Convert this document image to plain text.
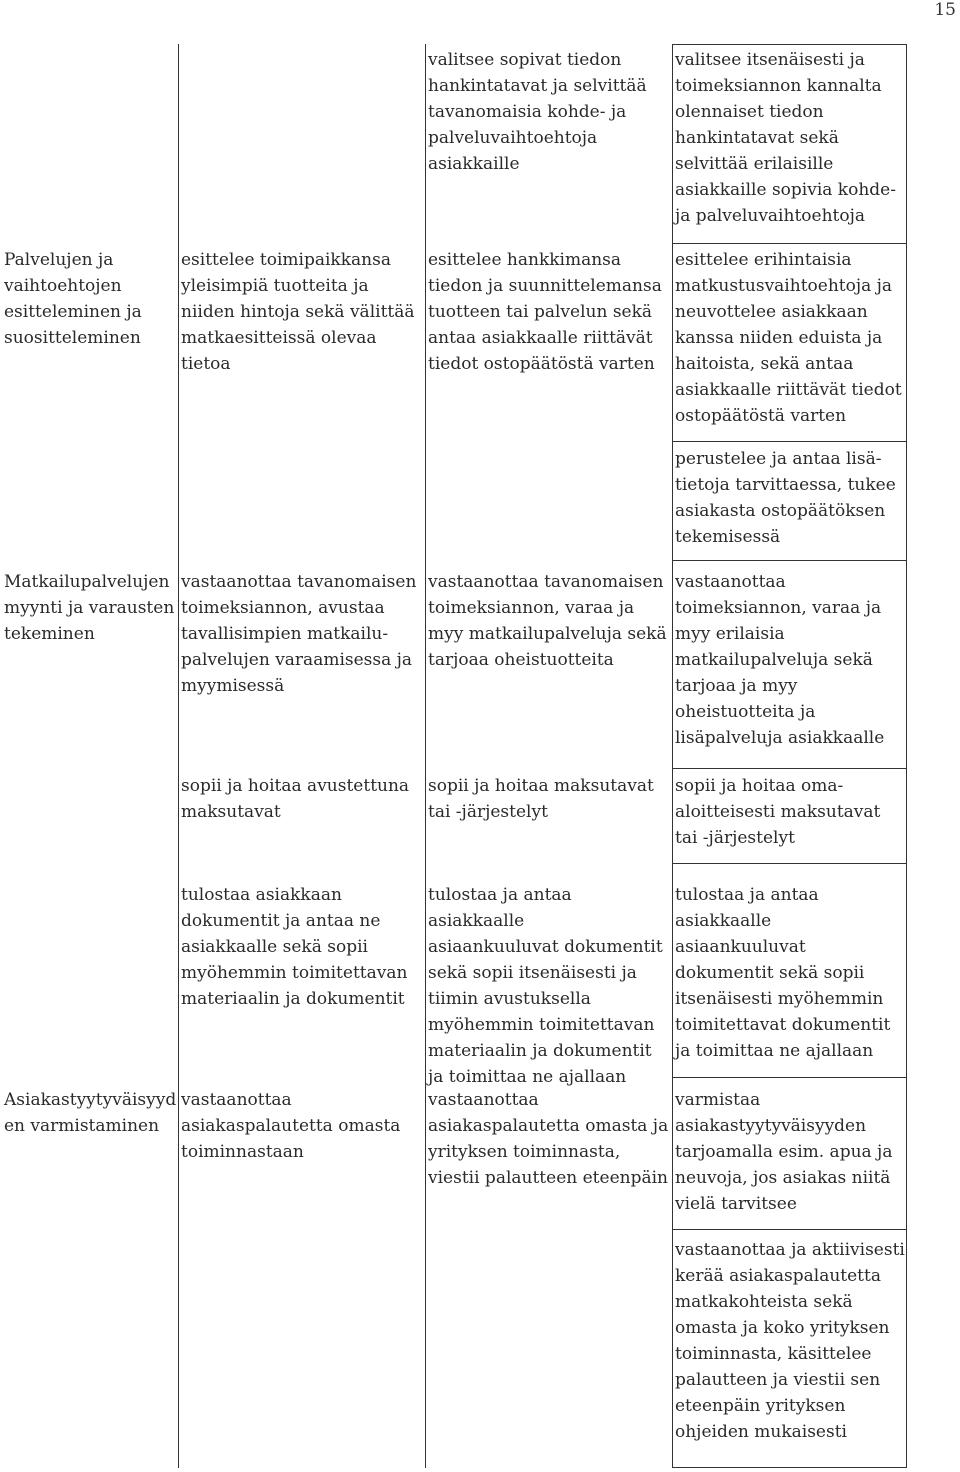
15
valitsee sopivat tiedon
hankintatavat ja selvittää
tavanomaisia kohde- ja
palveluvaihtoehtoja
asiakkaille
valitsee itsenäisesti ja
toimeksiannon kannalta
olennaiset tiedon
hankintatavat sekä
selvittää erilaisille
asiakkaille sopivia kohde-
ja palveluvaihtoehtoja
Palvelujen ja
vaihtoehtojen
esitteleminen ja
suositteleminen
esittelee toimipaikkansa
yleisimpiä tuotteita ja
niiden hintoja sekä välittää
matkaesitteissä olevaa
tietoa
esittelee hankkimansa
tiedon ja suunnittelemansa
tuotteen tai palvelun sekä
antaa asiakkaalle riittävät
tiedot ostopäätöstä varten
esittelee erihintaisia
matkustusvaihtoehtoja ja
neuvottelee asiakkaan
kanssa niiden eduista ja
haitoista, sekä antaa
asiakkaalle riittävät tiedot
ostopäätöstä varten
perustelee ja antaa lisä-
tietoja tarvittaessa, tukee
asiakasta ostopäätöksen
tekemisessä
Matkailupalvelujen
myynti ja varausten
tekeminen
vastaanottaa tavanomaisen
toimeksiannon, avustaa
tavallisimpien matkailu-
palvelujen varaamisessa ja
myymisessä
vastaanottaa tavanomaisen
toimeksiannon, varaa ja
myy matkailupalveluja sekä
tarjoaa oheistuotteita
vastaanottaa
toimeksiannon, varaa ja
myy erilaisia
matkailupalveluja sekä
tarjoaa ja myy
oheistuotteita ja
lisäpalveluja asiakkaalle
sopii ja hoitaa avustettuna
maksutavat
sopii ja hoitaa maksutavat
tai -järjestelyt
sopii ja hoitaa oma-
aloitteisesti maksutavat
tai -järjestelyt
tulostaa asiakkaan
dokumentit ja antaa ne
asiakkaalle sekä sopii
myöhemmin toimitettavan
materiaalin ja dokumentit
tulostaa ja antaa asiakkaalle
asiaankuuluvat dokumentit
sekä sopii itsenäisesti ja
tiimin avustuksella
myöhemmin toimitettavan
materiaalin ja dokumentit
ja toimittaa ne ajallaan
tulostaa ja antaa
asiakkaalle asiaankuuluvat
dokumentit sekä sopii
itsenäisesti myöhemmin
toimitettavat dokumentit
ja toimittaa ne ajallaan
Asiakastyytyväisyyd
en varmistaminen
vastaanottaa
asiakaspalautetta omasta
toiminnastaan
vastaanottaa
asiakaspalautetta omasta ja
yrityksen toiminnasta,
viestii palautteen eteenpäin
varmistaa
asiakastyytyväisyyden
tarjoamalla esim. apua ja
neuvoja, jos asiakas niitä
vielä tarvitsee
vastaanottaa ja aktiivisesti
kerää asiakaspalautetta
matkakohteista sekä
omasta ja koko yrityksen
toiminnasta, käsittelee
palautteen ja viestii sen
eteenpäin yrityksen
ohjeiden mukaisesti
